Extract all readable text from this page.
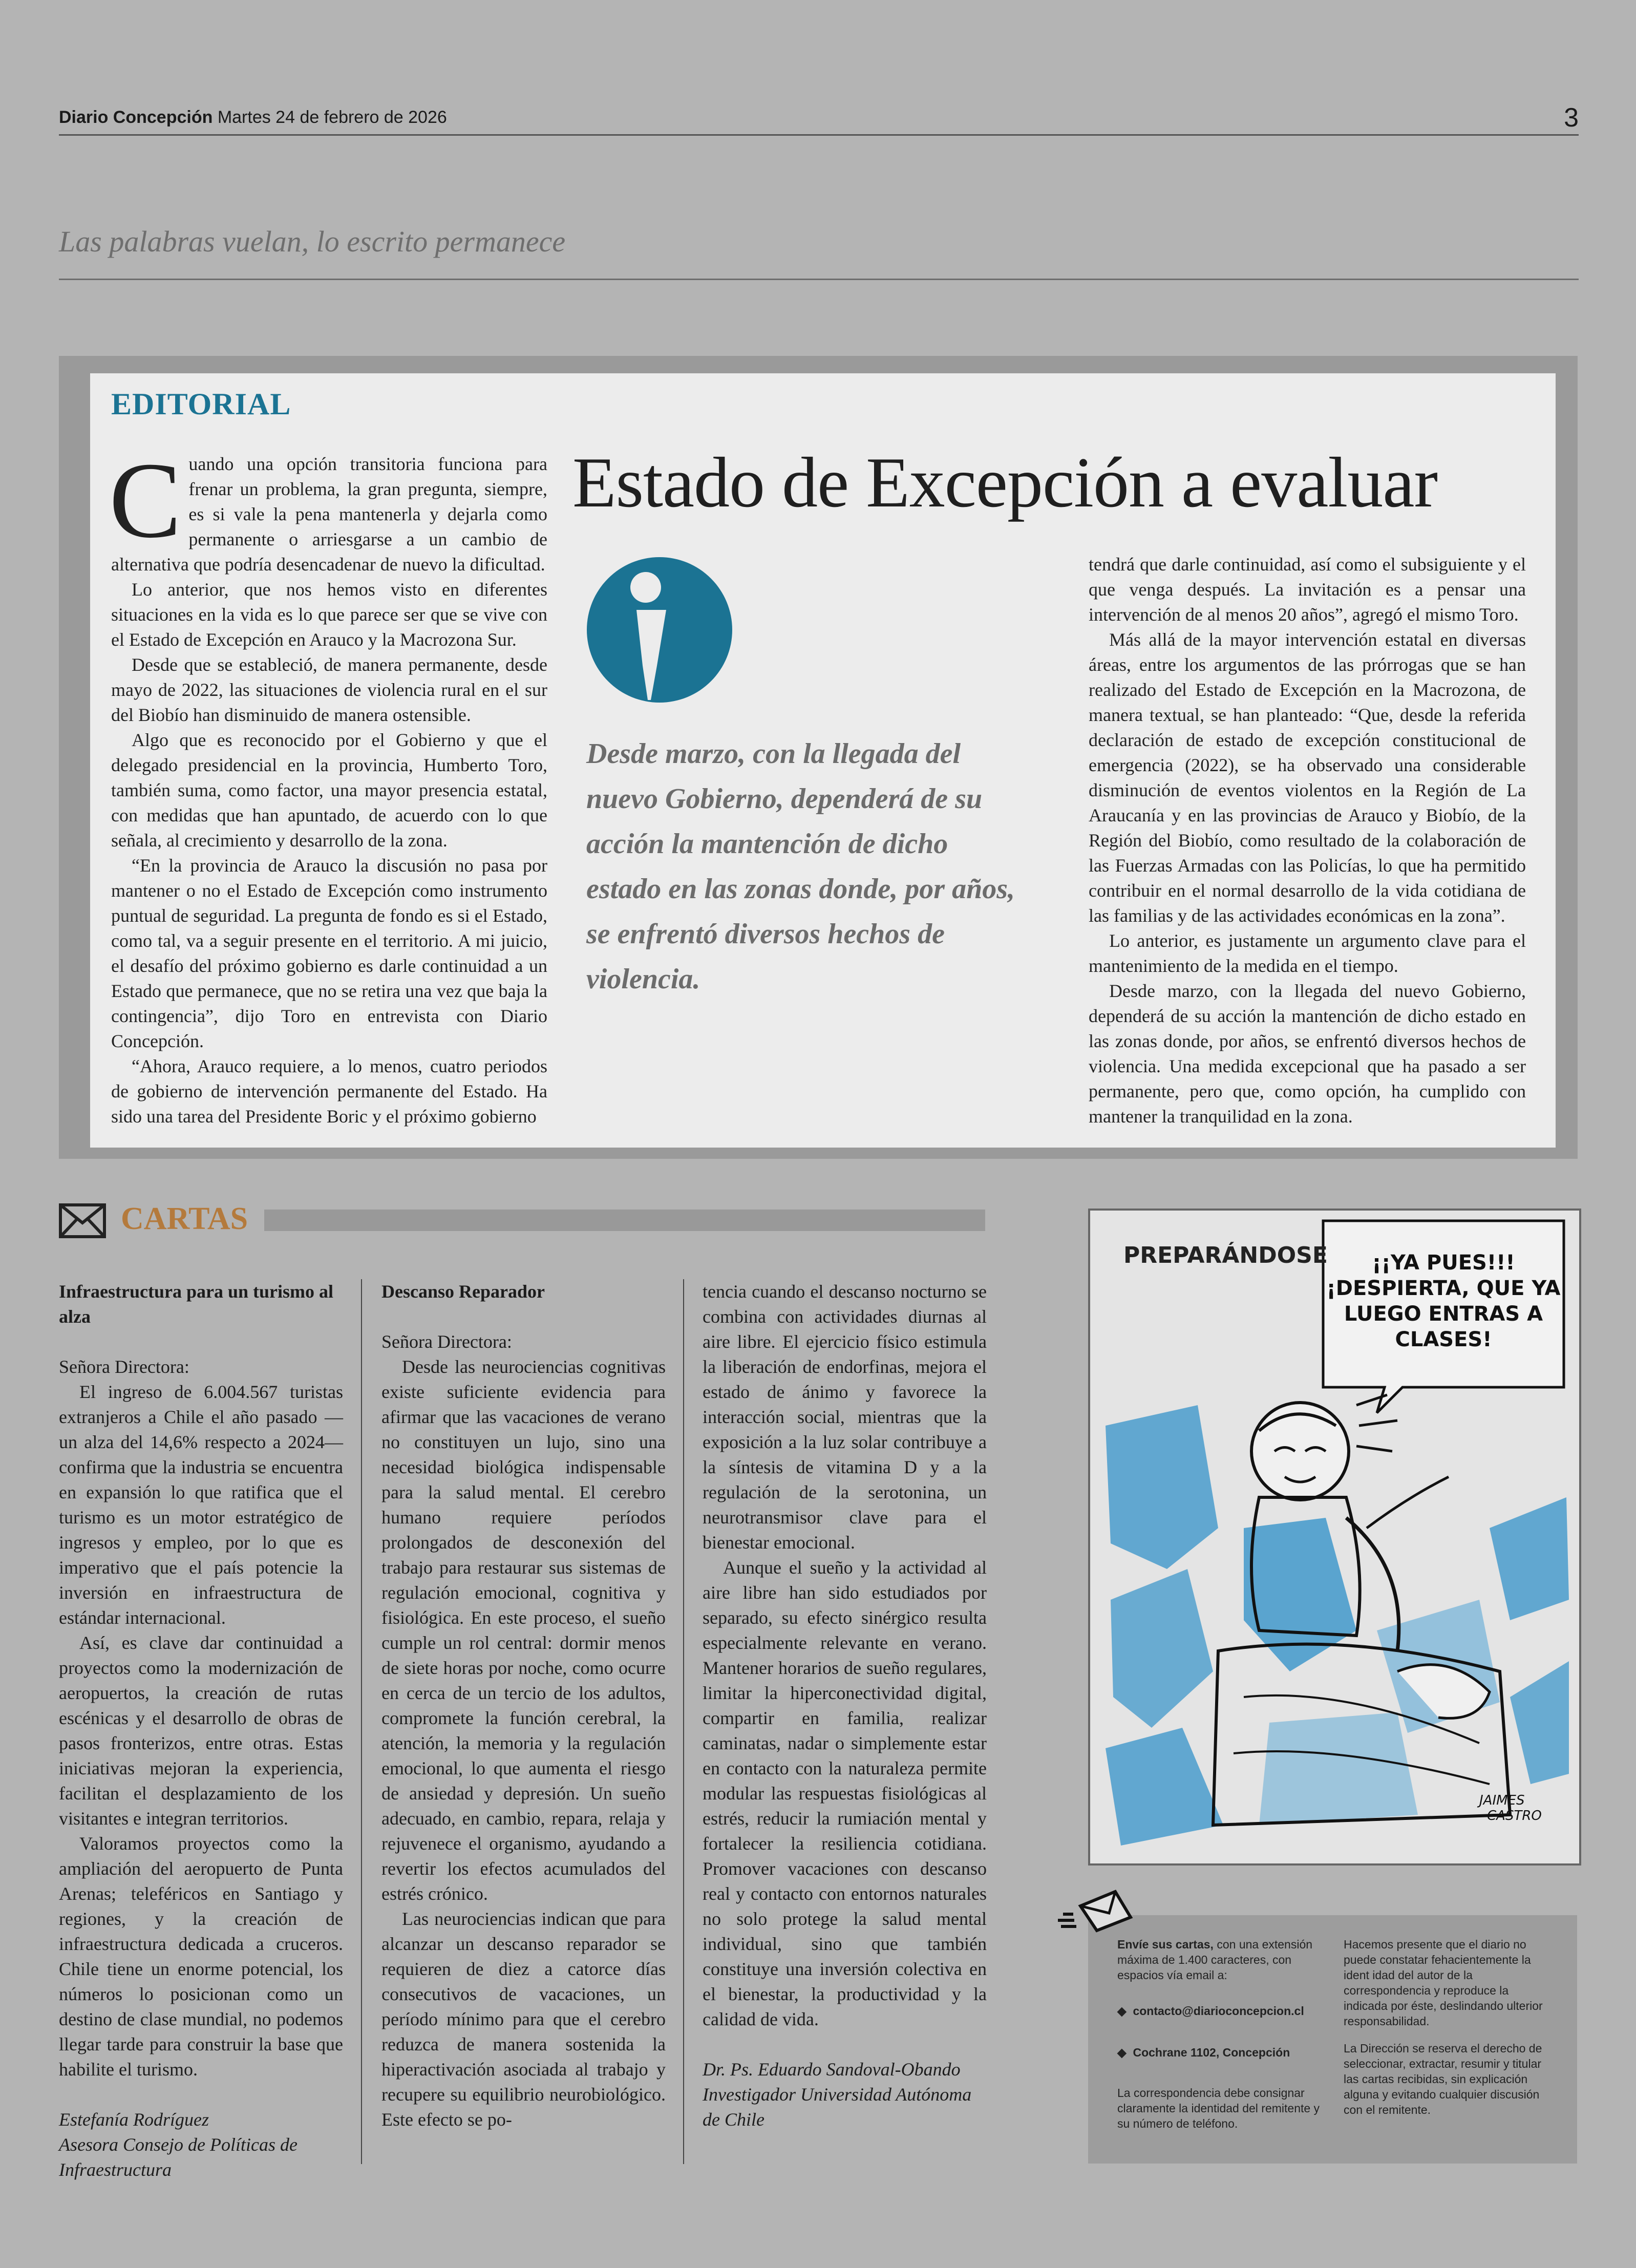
Diario Concepción Martes 24 de febrero de 2026	3
Las palabras vuelan, lo escrito permanece
EDITORIAL
C uando una opción transitoria funciona para frenar un problema, la gran pregunta, siempre, es si vale la pena mantenerla y dejarla como permanente o arriesgarse a un cambio de alternativa que podría desencadenar de nuevo la dificultad.

Lo anterior, que nos hemos visto en diferentes situaciones en la vida es lo que parece ser que se vive con el Estado de Excepción en Arauco y la Macrozona Sur.

Desde que se estableció, de manera permanente, desde mayo de 2022, las situaciones de violencia rural en el sur del Biobío han disminuido de manera ostensible.

Algo que es reconocido por el Gobierno y que el delegado presidencial en la provincia, Humberto Toro, también suma, como factor, una mayor presencia estatal, con medidas que han apuntado, de acuerdo con lo que señala, al crecimiento y desarrollo de la zona.

“En la provincia de Arauco la discusión no pasa por mantener o no el Estado de Excepción como instrumento puntual de seguridad. La pregunta de fondo es si el Estado, como tal, va a seguir presente en el territorio. A mi juicio, el desafío del próximo gobierno es darle continuidad a un Estado que permanece, que no se retira una vez que baja la contingencia”, dijo Toro en entrevista con Diario Concepción.

“Ahora, Arauco requiere, a lo menos, cuatro periodos de gobierno de intervención permanente del Estado. Ha sido una tarea del Presidente Boric y el próximo gobierno

Estado de Excepción a evaluar
Desde marzo, con la llegada del nuevo Gobierno, dependerá de su acción la mantención de dicho estado en las zonas donde, por años, se enfrentó diversos hechos de violencia.

tendrá que darle continuidad, así como el subsiguiente y el que venga después. La invitación es a pensar una intervención de al menos 20 años”, agregó el mismo Toro.

Más allá de la mayor intervención estatal en diversas áreas, entre los argumentos de las prórrogas que se han realizado del Estado de Excepción en la Macrozona, de manera textual, se han planteado: “Que, desde la referida declaración de estado de excepción constitucional de emergencia (2022), se ha observado una considerable disminución de eventos violentos en la Región de La Araucanía y en las provincias de Arauco y Biobío, de la Región del Biobío, como resultado de la colaboración de las Fuerzas Armadas con las Policías, lo que ha permitido contribuir en el normal desarrollo de la vida cotidiana de las familias y de las actividades económicas en la zona”.

Lo anterior, es justamente un argumento clave para el mantenimiento de la medida en el tiempo.

Desde marzo, con la llegada del nuevo Gobierno, dependerá de su acción la mantención de dicho estado en las zonas donde, por años, se enfrentó diversos hechos de violencia. Una medida excepcional que ha pasado a ser permanente, pero que, como opción, ha cumplido con mantener la tranquilidad en la zona.

CARTAS

Infraestructura para un turismo al alza

Señora Directora:

El ingreso de 6.004.567 turistas extranjeros a Chile el año pasado —un alza del 14,6% respecto a 2024— confirma que la industria se encuentra en expansión lo que ratifica que el turismo es un motor estratégico de ingresos y empleo, por lo que es imperativo que el país potencie la inversión en infraestructura de estándar internacional.

Así, es clave dar continuidad a proyectos como la modernización de aeropuertos, la creación de rutas escénicas y el desarrollo de obras de pasos fronterizos, entre otras. Estas iniciativas mejoran la experiencia, facilitan el desplazamiento de los visitantes e integran territorios.

Valoramos proyectos como la ampliación del aeropuerto de Punta Arenas; teleféricos en Santiago y regiones, y la creación de infraestructura dedicada a cruceros. Chile tiene un enorme potencial, los números lo posicionan como un destino de clase mundial, no podemos llegar tarde para construir la base que habilite el turismo.

Estefanía Rodríguez

Asesora Consejo de Políticas de Infraestructura

Descanso Reparador

Señora Directora:

Desde las neurociencias cognitivas existe suficiente evidencia para afirmar que las vacaciones de verano no constituyen un lujo, sino una necesidad biológica indispensable para la salud mental. El cerebro humano requiere períodos prolongados de desconexión del trabajo para restaurar sus sistemas de regulación emocional, cognitiva y fisiológica. En este proceso, el sueño cumple un rol central: dormir menos de siete horas por noche, como ocurre en cerca de un tercio de los adultos, compromete la función cerebral, la atención, la memoria y la regulación emocional, lo que aumenta el riesgo de ansiedad y depresión. Un sueño adecuado, en cambio, repara, relaja y rejuvenece el organismo, ayudando a revertir los efectos acumulados del estrés crónico.

Las neurociencias indican que para alcanzar un descanso reparador se requieren de diez a catorce días consecutivos de vacaciones, un período mínimo para que el cerebro reduzca de manera sostenida la hiperactivación asociada al trabajo y recupere su equilibrio neurobiológico. Este efecto se po-

tencia cuando el descanso nocturno se combina con actividades diurnas al aire libre. El ejercicio físico estimula la liberación de endorfinas, mejora el estado de ánimo y favorece la interacción social, mientras que la exposición a la luz solar contribuye a la síntesis de vitamina D y a la regulación de la serotonina, un neurotransmisor clave para el bienestar emocional.

Aunque el sueño y la actividad al aire libre han sido estudiados por separado, su efecto sinérgico resulta especialmente relevante en verano. Mantener horarios de sueño regulares, limitar la hiperconectividad digital, compartir en familia, realizar caminatas, nadar o simplemente estar en contacto con la naturaleza permite modular las respuestas fisiológicas al estrés, reducir la rumiación mental y fortalecer la resiliencia cotidiana. Promover vacaciones con descanso real y contacto con entornos naturales no solo protege la salud mental individual, sino que también constituye una inversión colectiva en el bienestar, la productividad y la calidad de vida.

Dr. Ps. Eduardo Sandoval-Obando

Investigador Universidad Autónoma de Chile

PREPARÁNDOSE ¡¡YA PUES!!!
¡DESPIERTA, QUE YA
LUEGO ENTRAS A
CLASES!
JAIMES
CASTRO
Envíe sus cartas, con una extensión máxima de 1.400 caracteres, con espacios vía email a:
◆  contacto@diarioconcepcion.cl
◆  Cochrane 1102, Concepción
La correspondencia debe consignar claramente la identidad del remitente y su número de teléfono.
Hacemos presente que el diario no puede constatar fehacientemente la ident idad del autor de la correspondencia y reproduce la indicada por éste, deslindando ulterior responsabilidad.
La Dirección se reserva el derecho de seleccionar, extractar, resumir y titular las cartas recibidas, sin explicación alguna y evitando cualquier discusión con el remitente.
